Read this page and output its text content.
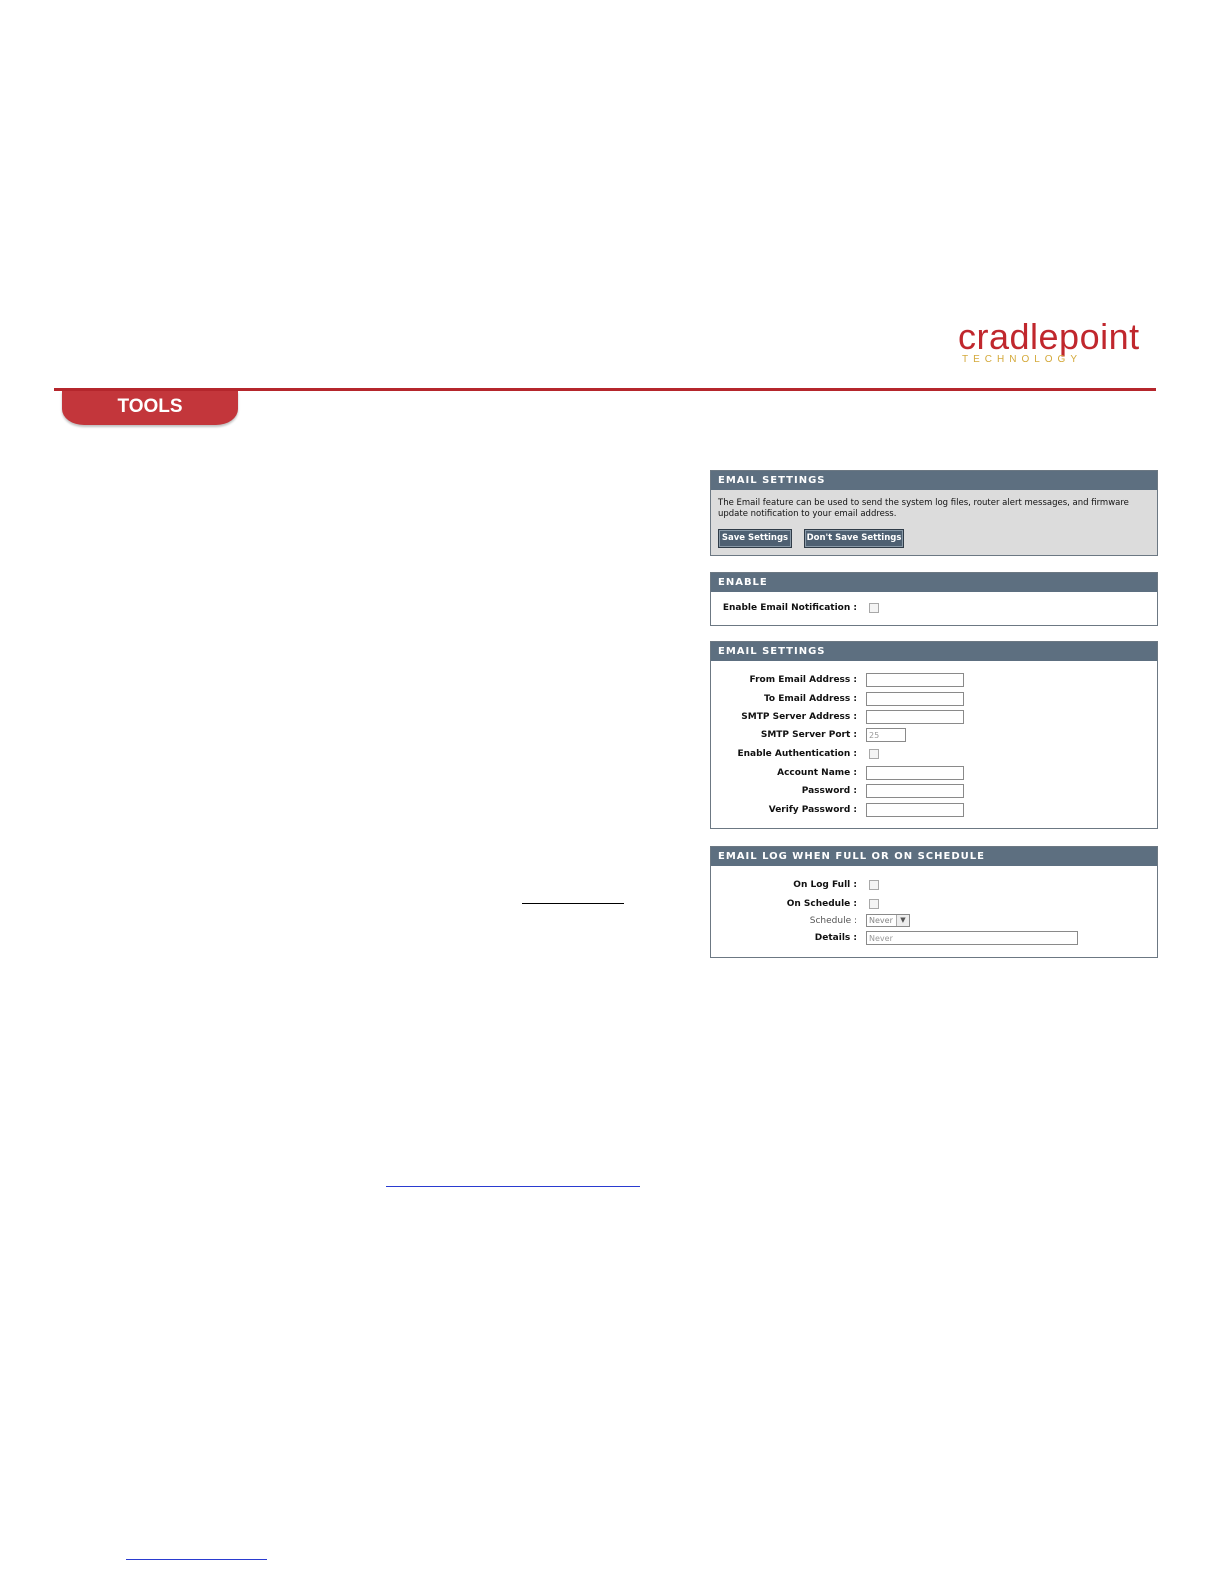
cradlepoint
TECHNOLOGY
TOOLS
EMAIL SETTINGS
The Email feature can be used to send the system log files, router alert messages, and firmware update notification to your email address.
Save Settings	Don't Save Settings
ENABLE
Enable Email Notification :
EMAIL SETTINGS
From Email Address :
To Email Address :
SMTP Server Address :
SMTP Server Port :	25
Enable Authentication :
Account Name :
Password :
Verify Password :
EMAIL LOG WHEN FULL OR ON SCHEDULE
On Log Full :
On Schedule :
Schedule :	Never	▼
Details :	Never
